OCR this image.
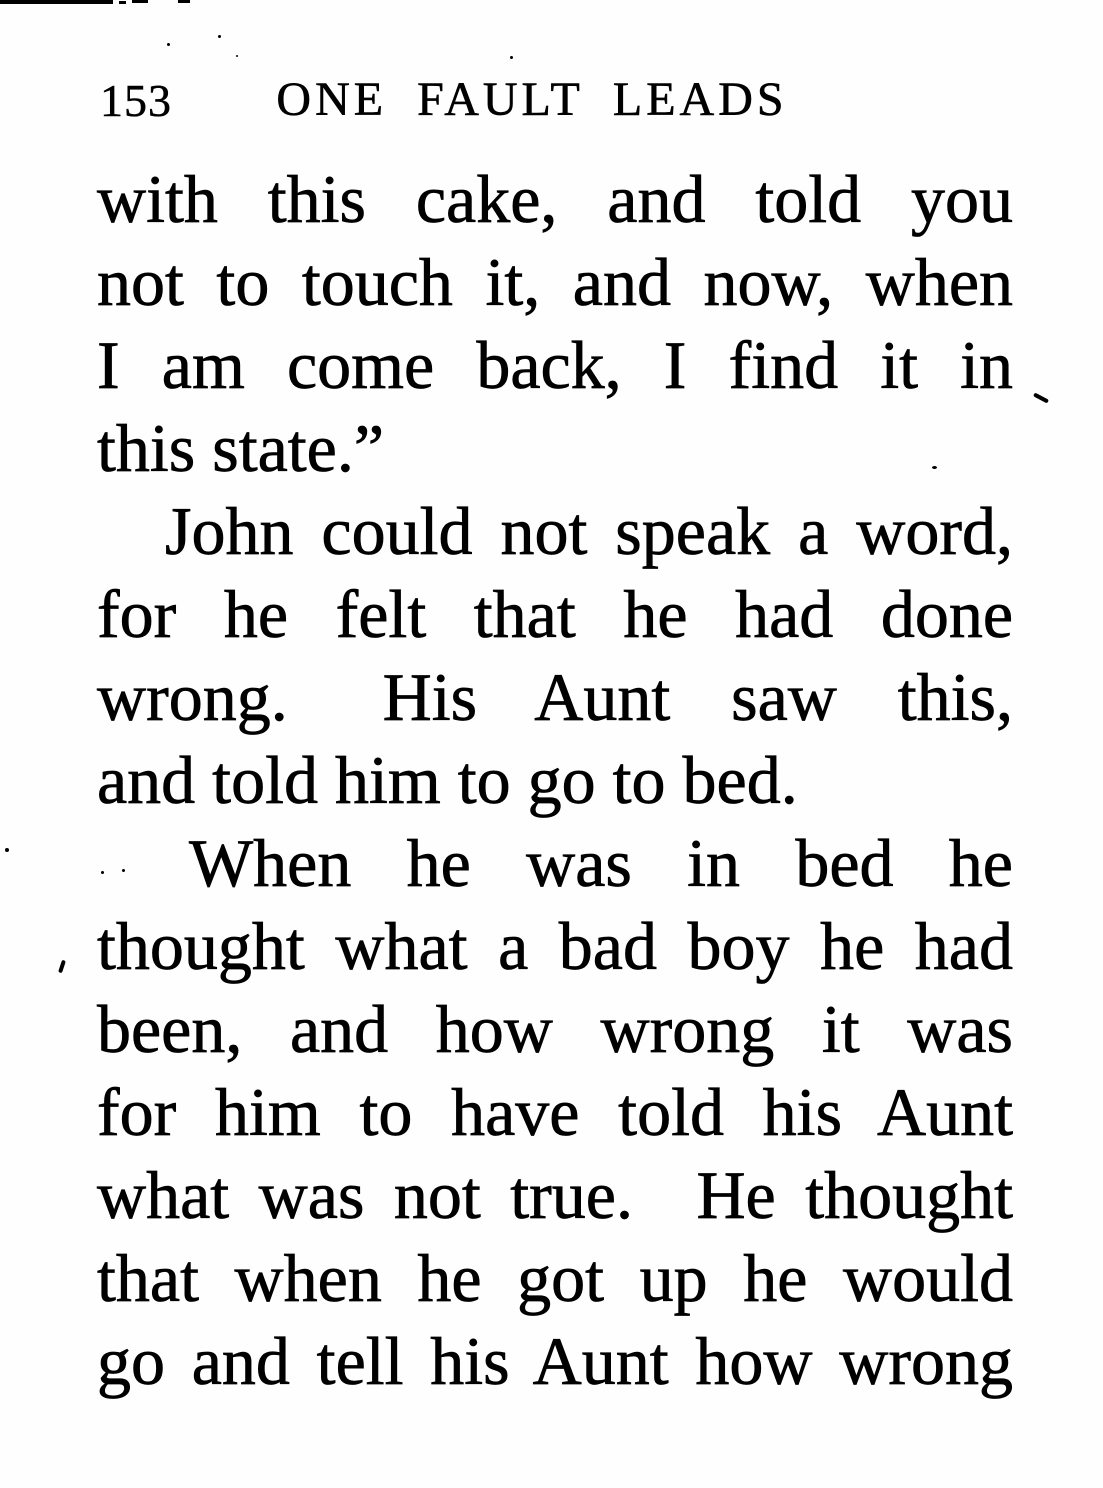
153 ONE FAULT LEADS
with this cake, and told you
not to touch it, and now, when
I am come back, I find it in
this state.”
John could not speak a word,
for he felt that he had done
wrong.  His Aunt saw this,
and told him to go to bed.
When he was in bed he
thought what a bad boy he had
been, and how wrong it was
for him to have told his Aunt
what was not true.  He thought
that when he got up he would
go and tell his Aunt how wrong
